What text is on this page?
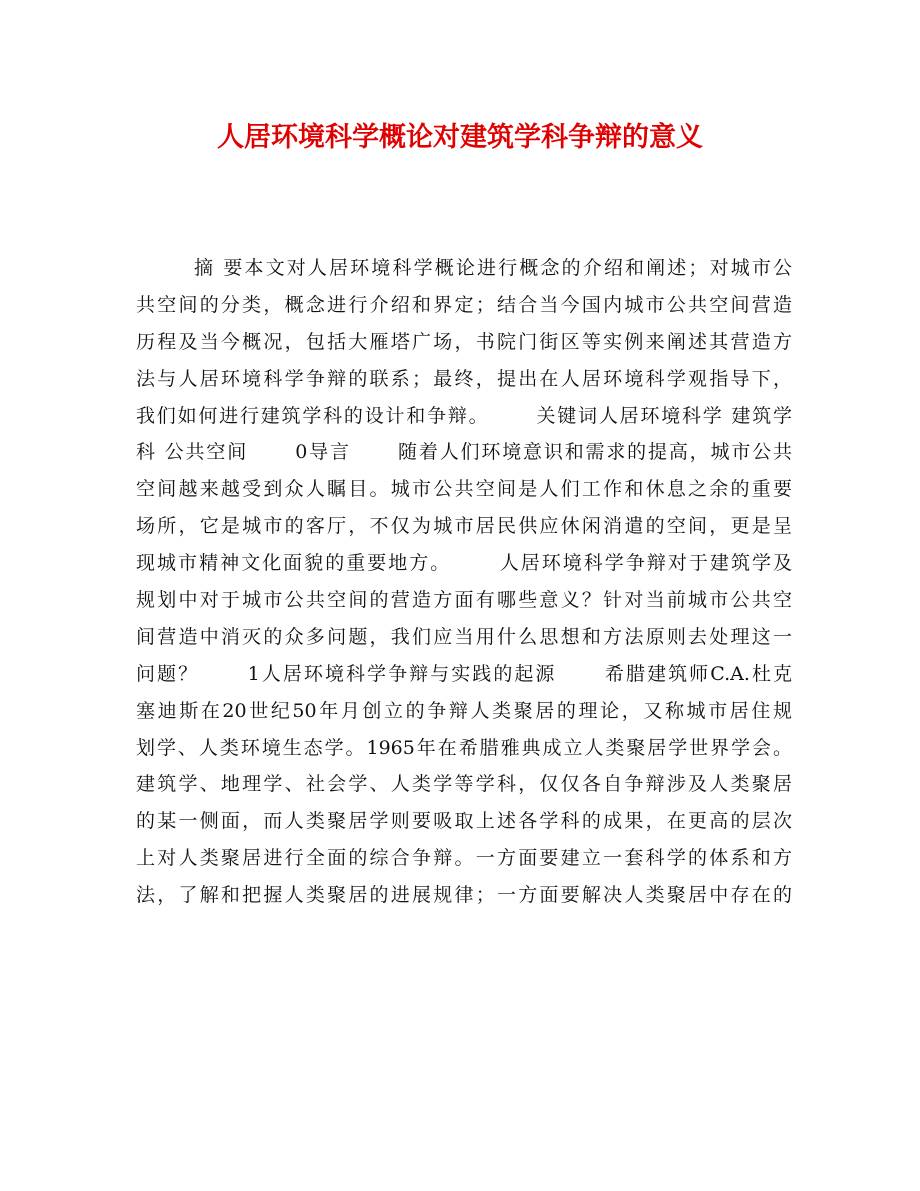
人居环境科学概论对建筑学科争辩的意义
摘 要本文对人居环境科学概论进行概念的介绍和阐述；对城市公
共空间的分类，概念进行介绍和界定；结合当今国内城市公共空间营造
历程及当今概况，包括大雁塔广场，书院门街区等实例来阐述其营造方
法与人居环境科学争辩的联系；最终，提出在人居环境科学观指导下，
我们如何进行建筑学科的设计和争辩。      关键词人居环境科学 建筑学
科 公共空间      0导言      随着人们环境意识和需求的提高，城市公共
空间越来越受到众人瞩目。城市公共空间是人们工作和休息之余的重要
场所，它是城市的客厅，不仅为城市居民供应休闲消遣的空间，更是呈
现城市精神文化面貌的重要地方。      人居环境科学争辩对于建筑学及
规划中对于城市公共空间的营造方面有哪些意义？针对当前城市公共空
间营造中消灭的众多问题，我们应当用什么思想和方法原则去处理这一
问题？      1人居环境科学争辩与实践的起源      希腊建筑师C.A.杜克
塞迪斯在20世纪50年月创立的争辩人类聚居的理论，又称城市居住规
划学、人类环境生态学。1965年在希腊雅典成立人类聚居学世界学会。
建筑学、地理学、社会学、人类学等学科，仅仅各自争辩涉及人类聚居
的某一侧面，而人类聚居学则要吸取上述各学科的成果，在更高的层次
上对人类聚居进行全面的综合争辩。一方面要建立一套科学的体系和方
法，了解和把握人类聚居的进展规律；一方面要解决人类聚居中存在的
